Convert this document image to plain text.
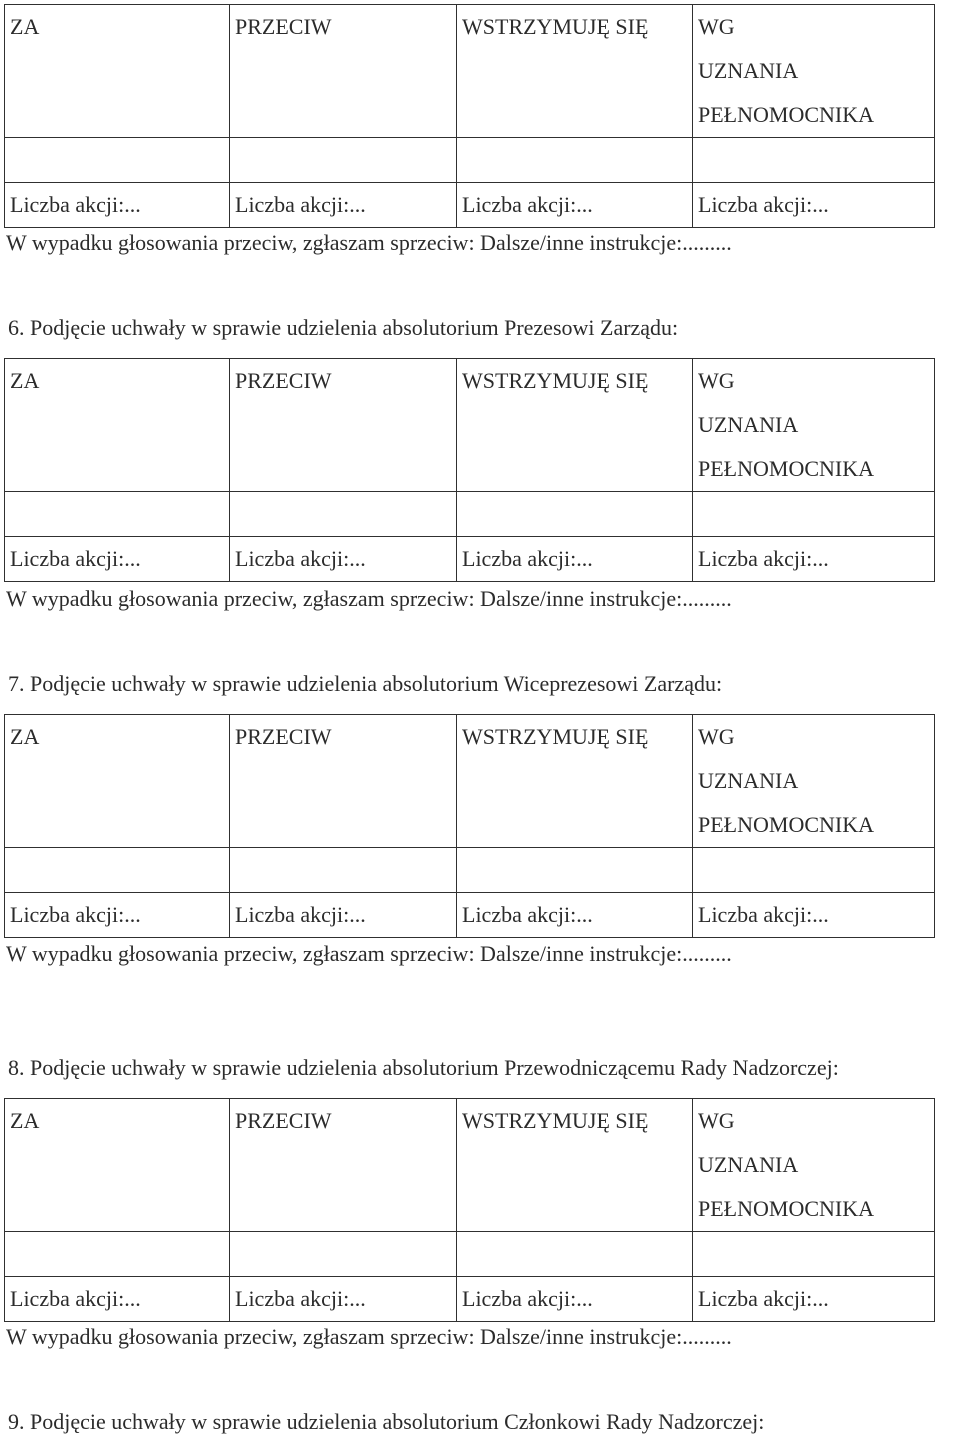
ZA	PRZECIW	WSTRZYMUJĘ SIĘ	WG
UZNANIA
PEŁNOMOCNIKA

Liczba akcji:...	Liczba akcji:...	Liczba akcji:...	Liczba akcji:...
W wypadku głosowania przeciw, zgłaszam sprzeciw: Dalsze/inne instrukcje:.........
6. Podjęcie uchwały w sprawie udzielenia absolutorium Prezesowi Zarządu:
ZA	PRZECIW	WSTRZYMUJĘ SIĘ	WG
UZNANIA
PEŁNOMOCNIKA

Liczba akcji:...	Liczba akcji:...	Liczba akcji:...	Liczba akcji:...
W wypadku głosowania przeciw, zgłaszam sprzeciw: Dalsze/inne instrukcje:.........
7. Podjęcie uchwały w sprawie udzielenia absolutorium Wiceprezesowi Zarządu:
ZA	PRZECIW	WSTRZYMUJĘ SIĘ	WG
UZNANIA
PEŁNOMOCNIKA

Liczba akcji:...	Liczba akcji:...	Liczba akcji:...	Liczba akcji:...
W wypadku głosowania przeciw, zgłaszam sprzeciw: Dalsze/inne instrukcje:.........
8. Podjęcie uchwały w sprawie udzielenia absolutorium Przewodniczącemu Rady Nadzorczej:
ZA	PRZECIW	WSTRZYMUJĘ SIĘ	WG
UZNANIA
PEŁNOMOCNIKA

Liczba akcji:...	Liczba akcji:...	Liczba akcji:...	Liczba akcji:...
W wypadku głosowania przeciw, zgłaszam sprzeciw: Dalsze/inne instrukcje:.........
9. Podjęcie uchwały w sprawie udzielenia absolutorium Członkowi Rady Nadzorczej:
